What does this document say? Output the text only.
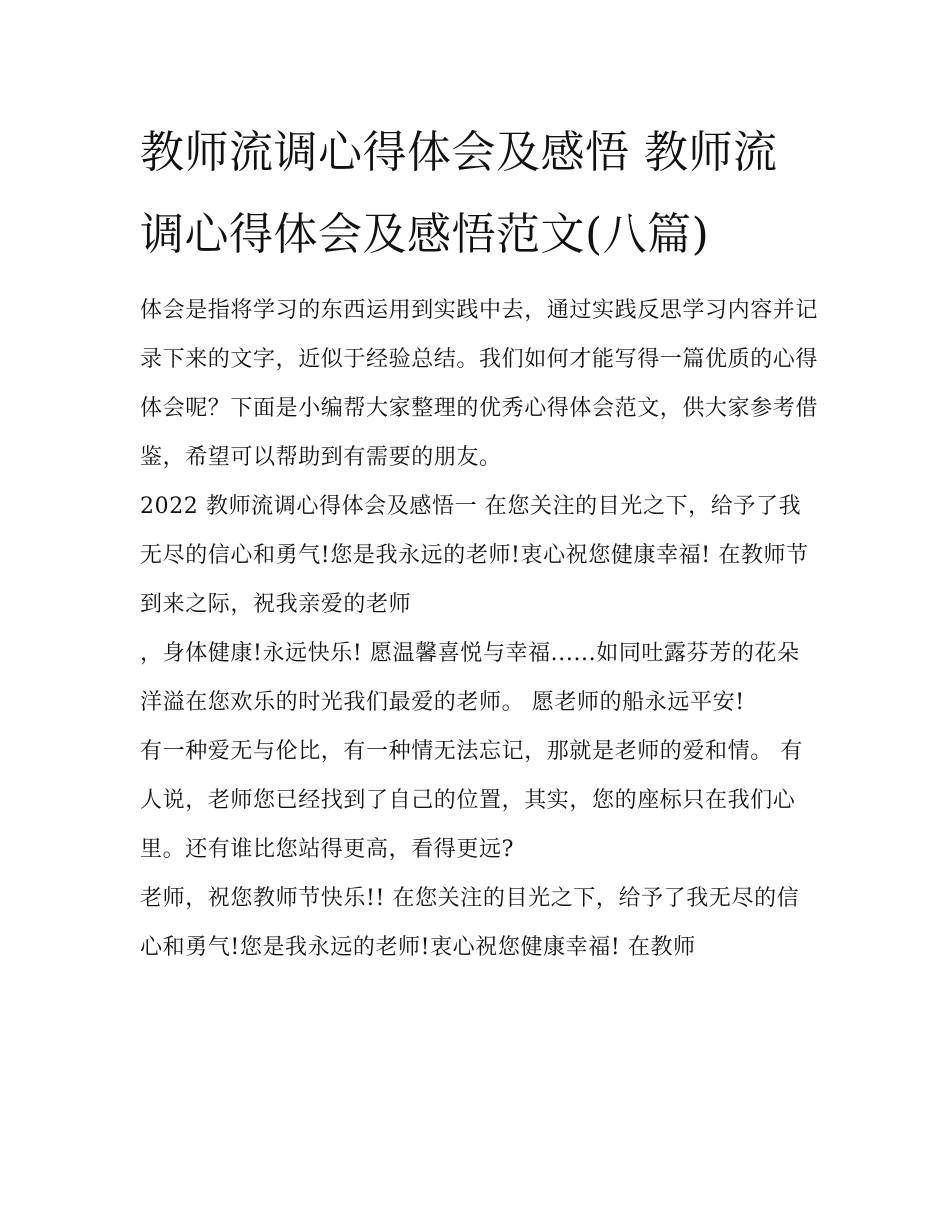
教师流调心得体会及感悟 教师流调心得体会及感悟范文(八篇)

体会是指将学习的东西运用到实践中去，通过实践反思学习内容并记录下来的文字，近似于经验总结。我们如何才能写得一篇优质的心得体会呢？下面是小编帮大家整理的优秀心得体会范文，供大家参考借鉴，希望可以帮助到有需要的朋友。

2022 教师流调心得体会及感悟一 在您关注的目光之下，给予了我无尽的信心和勇气!您是我永远的老师!衷心祝您健康幸福! 在教师节到来之际，祝我亲爱的老师

，身体健康!永远快乐! 愿温馨喜悦与幸福......如同吐露芬芳的花朵洋溢在您欢乐的时光我们最爱的老师。 愿老师的船永远平安!

有一种爱无与伦比，有一种情无法忘记，那就是老师的爱和情。 有人说，老师您已经找到了自己的位置，其实，您的座标只在我们心里。还有谁比您站得更高，看得更远?

老师，祝您教师节快乐!! 在您关注的目光之下，给予了我无尽的信心和勇气!您是我永远的老师!衷心祝您健康幸福! 在教师
